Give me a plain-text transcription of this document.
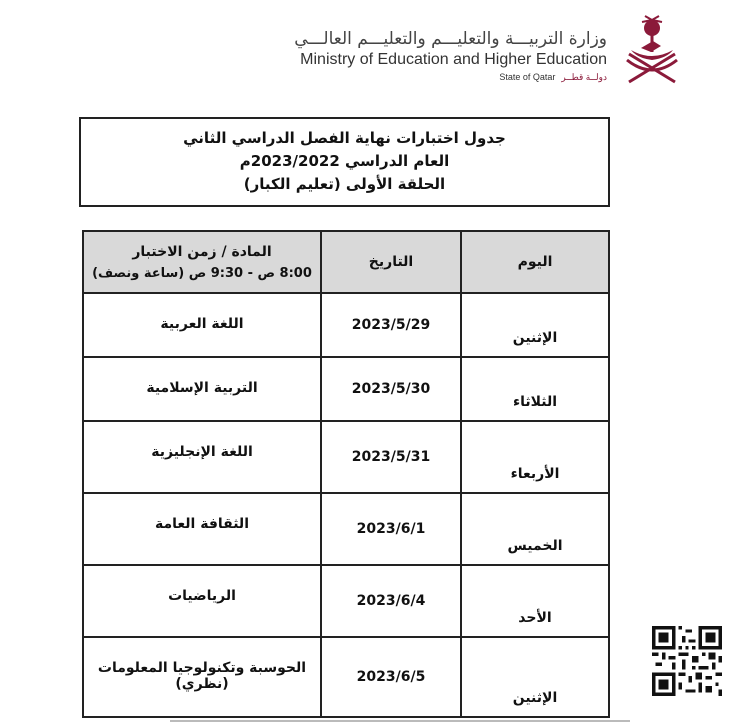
وزارة التربيـــة والتعليـــم والتعليـــم العالـــي
Ministry of Education and Higher Education
State of Qatar دولــة قطــر
جدول اختبارات نهاية الفصل الدراسي الثاني
العام الدراسي 2023/2022م
الحلقة الأولى (تعليم الكبار)
اليوم	التاريخ	المادة / زمن الاختبار
8:00 ص - 9:30 ص (ساعة ونصف)

الإثنين	2023/5/29	اللغة العربية
الثلاثاء	2023/5/30	التربية الإسلامية
الأربعاء	2023/5/31	اللغة الإنجليزية
الخميس	2023/6/1	الثقافة العامة
الأحد	2023/6/4	الرياضيات
الإثنين	2023/6/5	الحوسبة وتكنولوجيا المعلومات (نظري)
